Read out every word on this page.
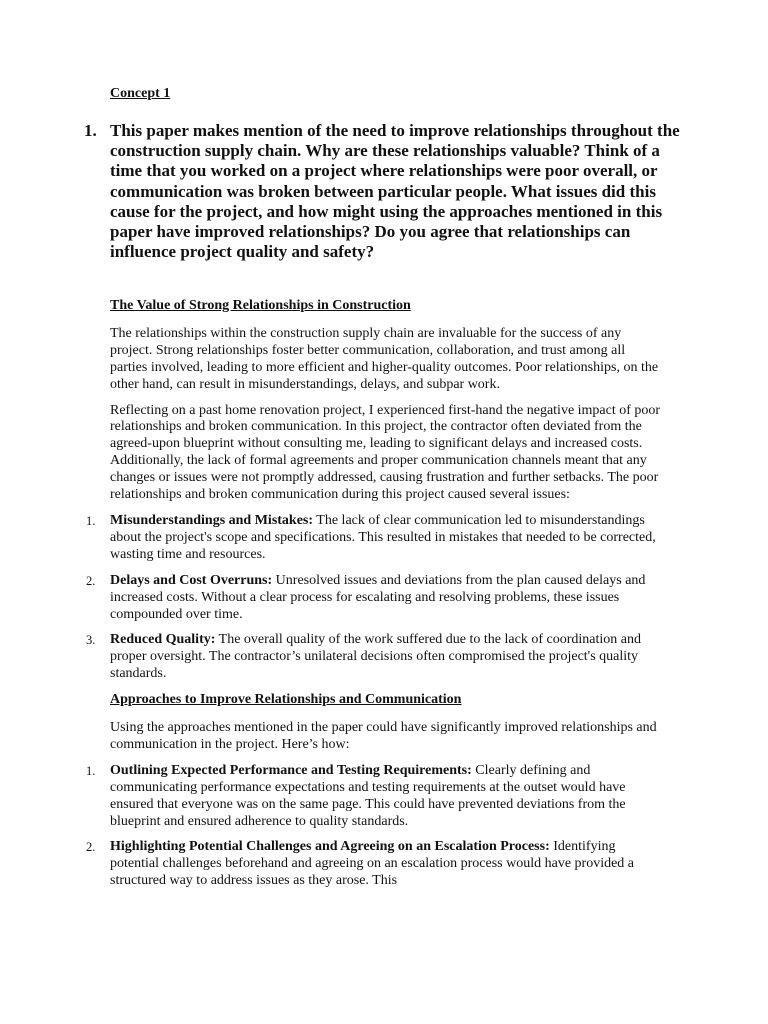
Concept 1

1. This paper makes mention of the need to improve relationships throughout the construction supply chain. Why are these relationships valuable? Think of a time that you worked on a project where relationships were poor overall, or communication was broken between particular people. What issues did this cause for the project, and how might using the approaches mentioned in this paper have improved relationships? Do you agree that relationships can influence project quality and safety?

The Value of Strong Relationships in Construction

The relationships within the construction supply chain are invaluable for the success of any project. Strong relationships foster better communication, collaboration, and trust among all parties involved, leading to more efficient and higher-quality outcomes. Poor relationships, on the other hand, can result in misunderstandings, delays, and subpar work.

Reflecting on a past home renovation project, I experienced first-hand the negative impact of poor relationships and broken communication. In this project, the contractor often deviated from the agreed-upon blueprint without consulting me, leading to significant delays and increased costs. Additionally, the lack of formal agreements and proper communication channels meant that any changes or issues were not promptly addressed, causing frustration and further setbacks. The poor relationships and broken communication during this project caused several issues:

1. Misunderstandings and Mistakes: The lack of clear communication led to misunderstandings about the project's scope and specifications. This resulted in mistakes that needed to be corrected, wasting time and resources.
2. Delays and Cost Overruns: Unresolved issues and deviations from the plan caused delays and increased costs. Without a clear process for escalating and resolving problems, these issues compounded over time.
3. Reduced Quality: The overall quality of the work suffered due to the lack of coordination and proper oversight. The contractor’s unilateral decisions often compromised the project's quality standards.

Approaches to Improve Relationships and Communication

Using the approaches mentioned in the paper could have significantly improved relationships and communication in the project. Here’s how:

1. Outlining Expected Performance and Testing Requirements: Clearly defining and communicating performance expectations and testing requirements at the outset would have ensured that everyone was on the same page. This could have prevented deviations from the blueprint and ensured adherence to quality standards.
2. Highlighting Potential Challenges and Agreeing on an Escalation Process: Identifying potential challenges beforehand and agreeing on an escalation process would have provided a structured way to address issues as they arose. This
